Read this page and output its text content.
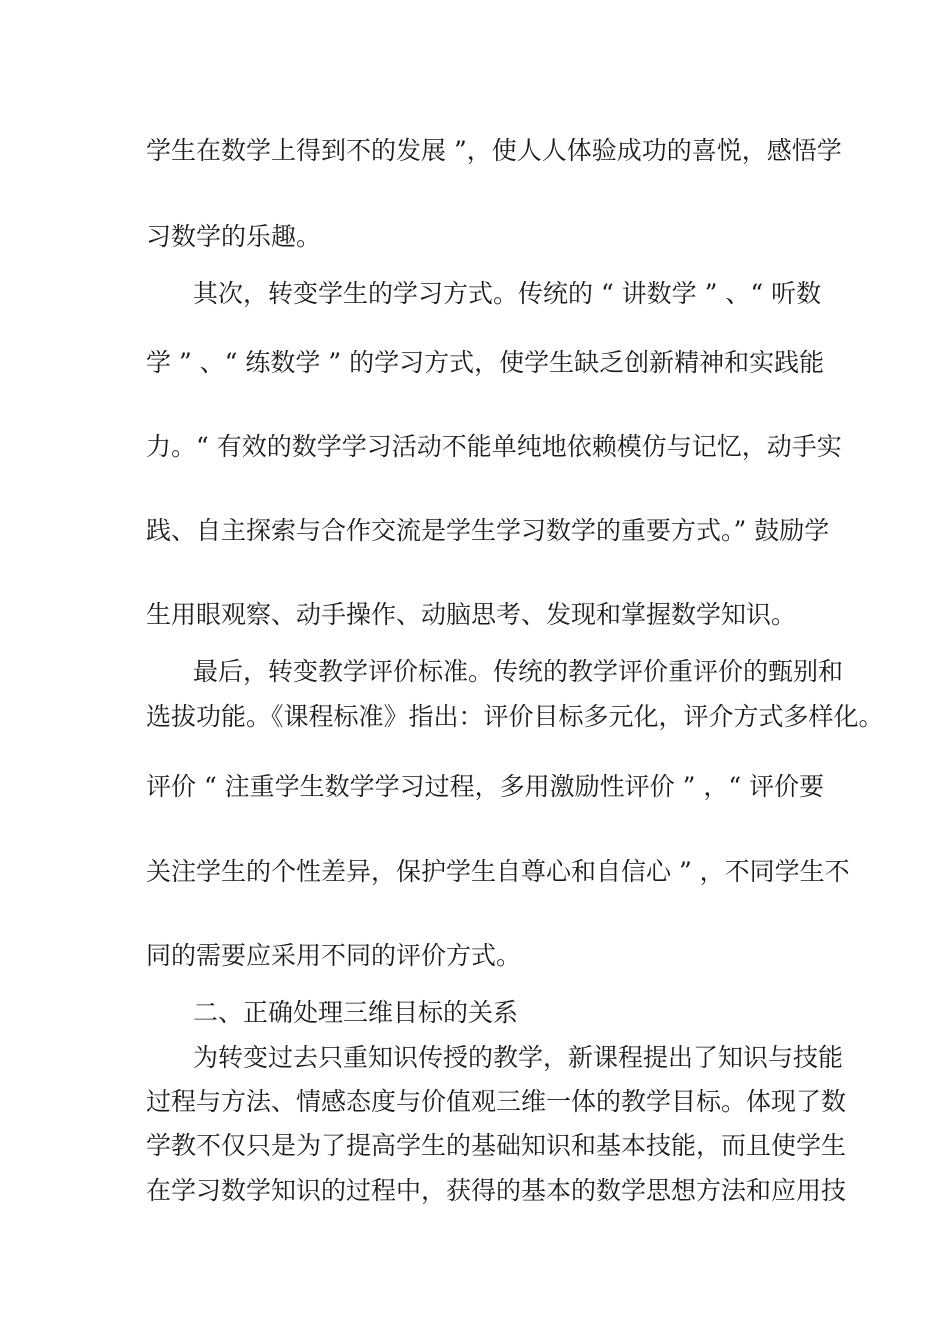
学生在数学上得到不的发展 ”，使人人体验成功的喜悦，感悟学
习数学的乐趣。
其次，转变学生的学习方式。传统的 “ 讲数学 ” 、“ 听数
学 ” 、“ 练数学 ” 的学习方式，使学生缺乏创新精神和实践能
力。“ 有效的数学学习活动不能单纯地依赖模仿与记忆，动手实
践、自主探索与合作交流是学生学习数学的重要方式。” 鼓励学
生用眼观察、动手操作、动脑思考、发现和掌握数学知识。
最后，转变教学评价标准。传统的教学评价重评价的甄别和
选拔功能。《课程标准》指出：评价目标多元化，评介方式多样化。
评价 “ 注重学生数学学习过程，多用激励性评价 ” ，“ 评价要
关注学生的个性差异，保护学生自尊心和自信心 ” ，不同学生不
同的需要应采用不同的评价方式。
二、正确处理三维目标的关系
为转变过去只重知识传授的教学，新课程提出了知识与技能
过程与方法、情感态度与价值观三维一体的教学目标。体现了数
学教不仅只是为了提高学生的基础知识和基本技能，而且使学生
在学习数学知识的过程中，获得的基本的数学思想方法和应用技
